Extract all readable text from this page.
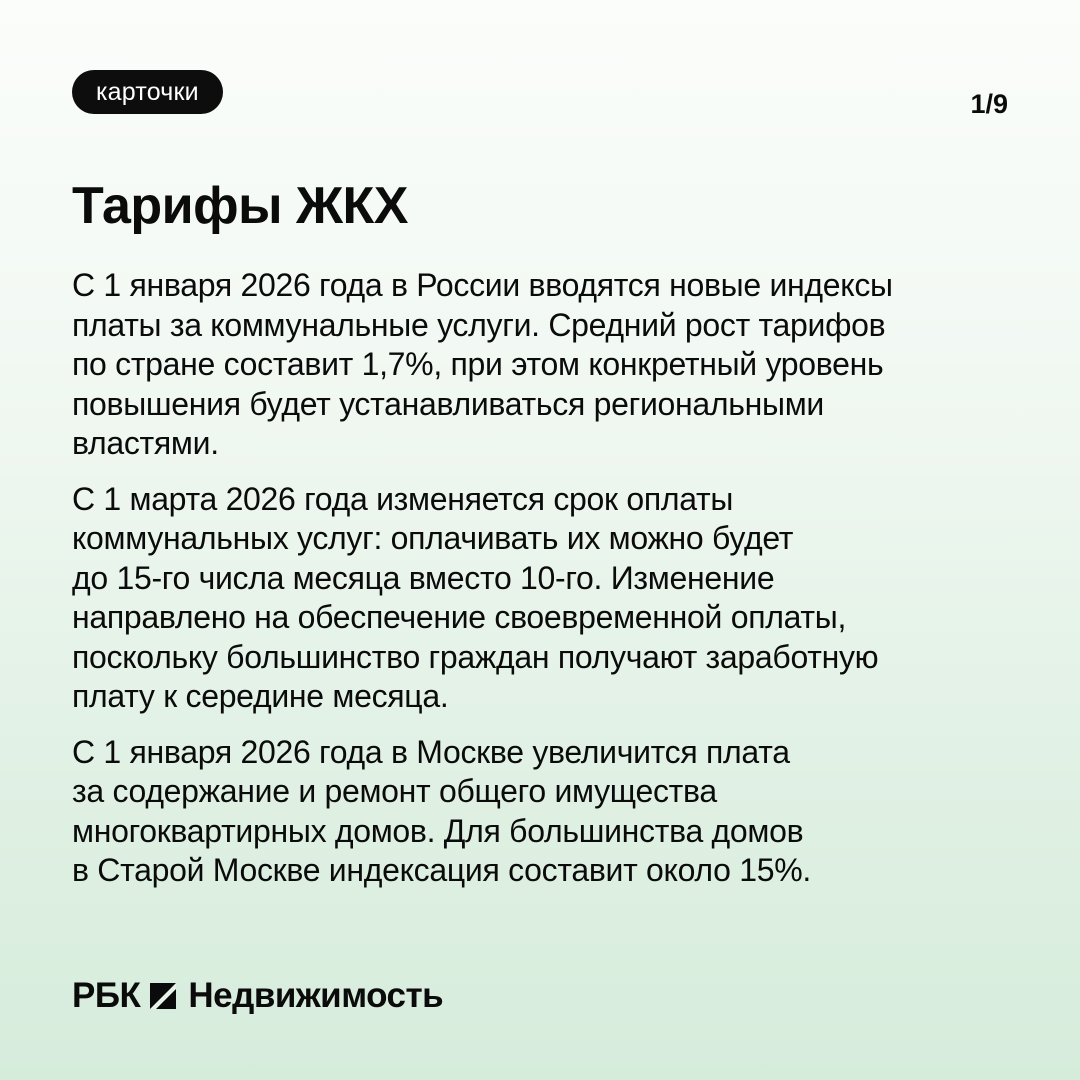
карточки	1/9
Тарифы ЖКХ

С 1 января 2026 года в России вводятся новые индексы
платы за коммунальные услуги. Средний рост тарифов
по стране составит 1,7%, при этом конкретный уровень
повышения будет устанавливаться региональными
властями.

С 1 марта 2026 года изменяется срок оплаты
коммунальных услуг: оплачивать их можно будет
до 15-го числа месяца вместо 10-го. Изменение
направлено на обеспечение своевременной оплаты,
поскольку большинство граждан получают заработную
плату к середине месяца.

С 1 января 2026 года в Москве увеличится плата
за содержание и ремонт общего имущества
многоквартирных домов. Для большинства домов
в Старой Москве индексация составит около 15%.

РБК Недвижимость
